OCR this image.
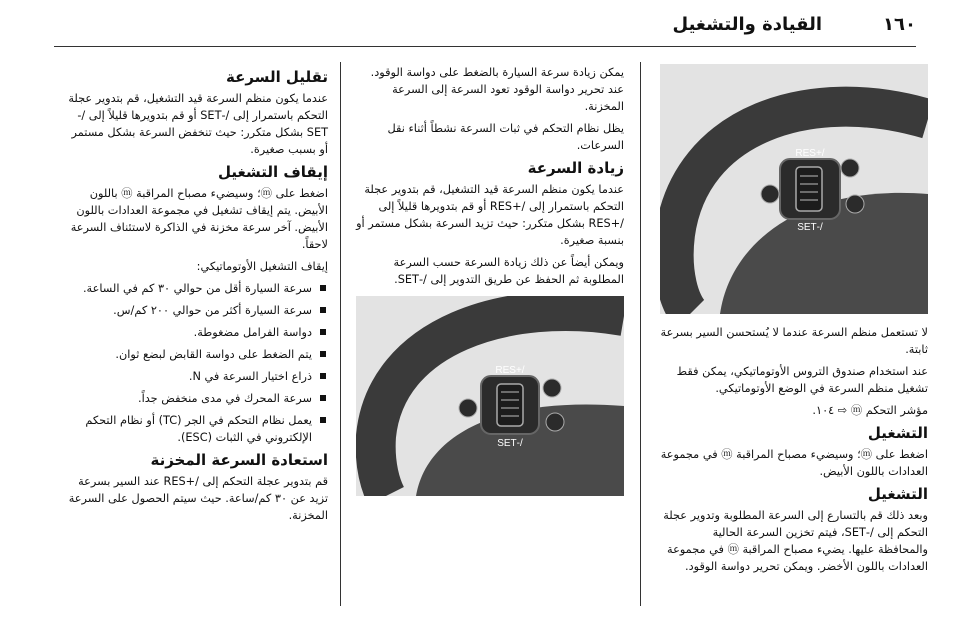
القيادة والتشغيل	١٦٠
/+RES
/-SET

لا تستعمل منظم السرعة عندما لا يُستحسن السير بسرعة ثابتة.

عند استخدام صندوق التروس الأوتوماتيكي، يمكن فقط تشغيل منظم السرعة في الوضع الأوتوماتيكي.

مؤشر التحكم ⓜ ⇨ ١٠٤.

التشغيل

اضغط على ⓜ؛ وسيضيء مصباح المراقبة ⓜ في مجموعة العدادات باللون الأبيض.

التشغيل

وبعد ذلك قم بالتسارع إلى السرعة المطلوبة وتدوير عجلة التحكم إلى /-SET، فيتم تخزين السرعة الحالية والمحافظة عليها. يضيء مصباح المراقبة ⓜ في مجموعة العدادات باللون الأخضر. ويمكن تحرير دواسة الوقود.

يمكن زيادة سرعة السيارة بالضغط على دواسة الوقود. عند تحرير دواسة الوقود تعود السرعة إلى السرعة المخزنة.

يظل نظام التحكم في ثبات السرعة نشطاً أثناء نقل السرعات.

زيادة السرعة

عندما يكون منظم السرعة قيد التشغيل، قم بتدوير عجلة التحكم باستمرار إلى /+RES أو قم بتدويرها قليلاً إلى /+RES بشكل متكرر: حيث تزيد السرعة بشكل مستمر أو بنسبة صغيرة.

ويمكن أيضاً عن ذلك زيادة السرعة حسب السرعة المطلوبة ثم الحفظ عن طريق التدوير إلى /-SET.

/+RES
/-SET
تقليل السرعة

عندما يكون منظم السرعة قيد التشغيل، قم بتدوير عجلة التحكم باستمرار إلى /-SET أو قم بتدويرها قليلاً إلى /-SET بشكل متكرر: حيث تنخفض السرعة بشكل مستمر أو بسبب صغيرة.

إيقاف التشغيل

اضغط على ⓜ؛ وسيضيء مصباح المراقبة ⓜ باللون الأبيض. يتم إيقاف تشغيل في مجموعة العدادات باللون الأبيض. آخر سرعة مخزنة في الذاكرة لاستئناف السرعة لاحقاً.

إيقاف التشغيل الأوتوماتيكي:

سرعة السيارة أقل من حوالي ٣٠ كم في الساعة.
سرعة السيارة أكثر من حوالي ٢٠٠ كم/س.
دواسة الفرامل مضغوطة.
يتم الضغط على دواسة القابض لبضع ثوان.
ذراع اختيار السرعة في N.
سرعة المحرك في مدى منخفض جداً.
يعمل نظام التحكم في الجر (TC) أو نظام التحكم الإلكتروني في الثبات (ESC).
استعادة السرعة المخزنة

قم بتدوير عجلة التحكم إلى /+RES عند السير بسرعة تزيد عن ٣٠ كم/ساعة. حيث سيتم الحصول على السرعة المخزنة.
